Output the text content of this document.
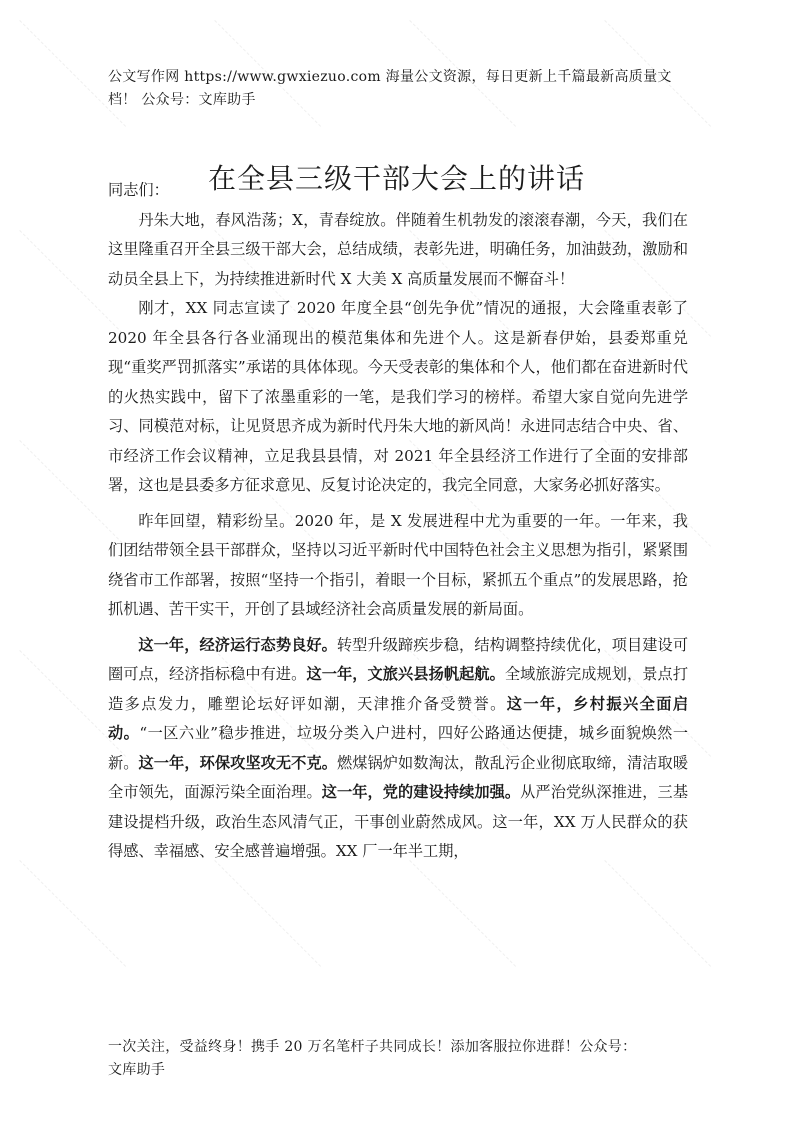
公文写作网 https://www.gwxiezuo.com 海量公文资源，每日更新上千篇最新高质量文
档！ 公众号：文库助手
在全县三级干部大会上的讲话

同志们：

丹朱大地，春风浩荡；X，青春绽放。伴随着生机勃发的滚滚春潮，今天，我们在这里隆重召开全县三级干部大会，总结成绩，表彰先进，明确任务，加油鼓劲，激励和动员全县上下，为持续推进新时代 X 大美 X 高质量发展而不懈奋斗！

刚才，XX 同志宣读了 2020 年度全县“创先争优”情况的通报，大会隆重表彰了 2020 年全县各行各业涌现出的模范集体和先进个人。这是新春伊始，县委郑重兑现“重奖严罚抓落实”承诺的具体体现。今天受表彰的集体和个人，他们都在奋进新时代的火热实践中，留下了浓墨重彩的一笔，是我们学习的榜样。希望大家自觉向先进学习、同模范对标，让见贤思齐成为新时代丹朱大地的新风尚！永进同志结合中央、省、市经济工作会议精神，立足我县县情，对 2021 年全县经济工作进行了全面的安排部署，这也是县委多方征求意见、反复讨论决定的，我完全同意，大家务必抓好落实。

昨年回望，精彩纷呈。2020 年，是 X 发展进程中尤为重要的一年。一年来，我们团结带领全县干部群众，坚持以习近平新时代中国特色社会主义思想为指引，紧紧围绕省市工作部署，按照“坚持一个指引，着眼一个目标，紧抓五个重点”的发展思路，抢抓机遇、苦干实干，开创了县域经济社会高质量发展的新局面。

这一年，经济运行态势良好。转型升级蹄疾步稳，结构调整持续优化，项目建设可圈可点，经济指标稳中有进。这一年，文旅兴县扬帆起航。全域旅游完成规划，景点打造多点发力，雕塑论坛好评如潮，天津推介备受赞誉。这一年，乡村振兴全面启动。“一区六业”稳步推进，垃圾分类入户进村，四好公路通达便捷，城乡面貌焕然一新。这一年，环保攻坚攻无不克。燃煤锅炉如数淘汰，散乱污企业彻底取缔，清洁取暖全市领先，面源污染全面治理。这一年，党的建设持续加强。从严治党纵深推进，三基建设提档升级，政治生态风清气正，干事创业蔚然成风。这一年，XX 万人民群众的获得感、幸福感、安全感普遍增强。XX 厂一年半工期，

一次关注，受益终身！携手 20 万名笔杆子共同成长！添加客服拉你进群！公众号：
文库助手
